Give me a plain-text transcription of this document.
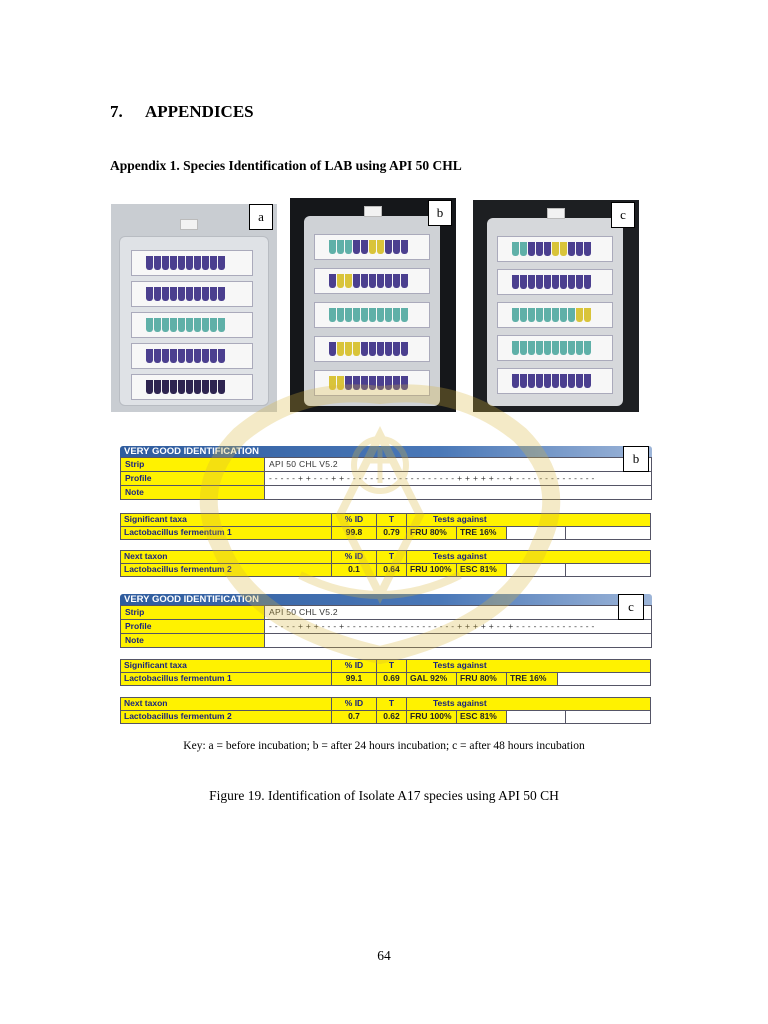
7. APPENDICES
Appendix 1. Species Identification of LAB using API 50 CHL
a	b	c
VERY GOOD IDENTIFICATION
Strip	API 50 CHL V5.2
Profile	- - - - - + + - - - + + - - - - - - - - - - - - - - - - - - - + + + + + - - + - - - - - - - - - - - - - -
Note
Significant taxa	% ID	T	Tests against
Lactobacillus fermentum 1	99.8	0.79	FRU 80%	TRE 16%
Next taxon	% ID	T	Tests against
Lactobacillus fermentum 2	0.1	0.64	FRU 100% ESC 81%
b
VERY GOOD IDENTIFICATION
Strip	API 50 CHL V5.2
Profile	- - - - - + + + - - - + - - - - - - - - - - - - - - - - - - - + + + + + - - + - - - - - - - - - - - - - -
Note
Significant taxa	% ID	T	Tests against
Lactobacillus fermentum 1	99.1	0.69	GAL 92%	FRU 80%	TRE 16%
Next taxon	% ID	T	Tests against
Lactobacillus fermentum 2	0.7	0.62	FRU 100% ESC 81%
c
Key: a = before incubation; b = after 24 hours incubation; c = after 48 hours incubation
Figure 19. Identification of Isolate A17 species using API 50 CH
64
